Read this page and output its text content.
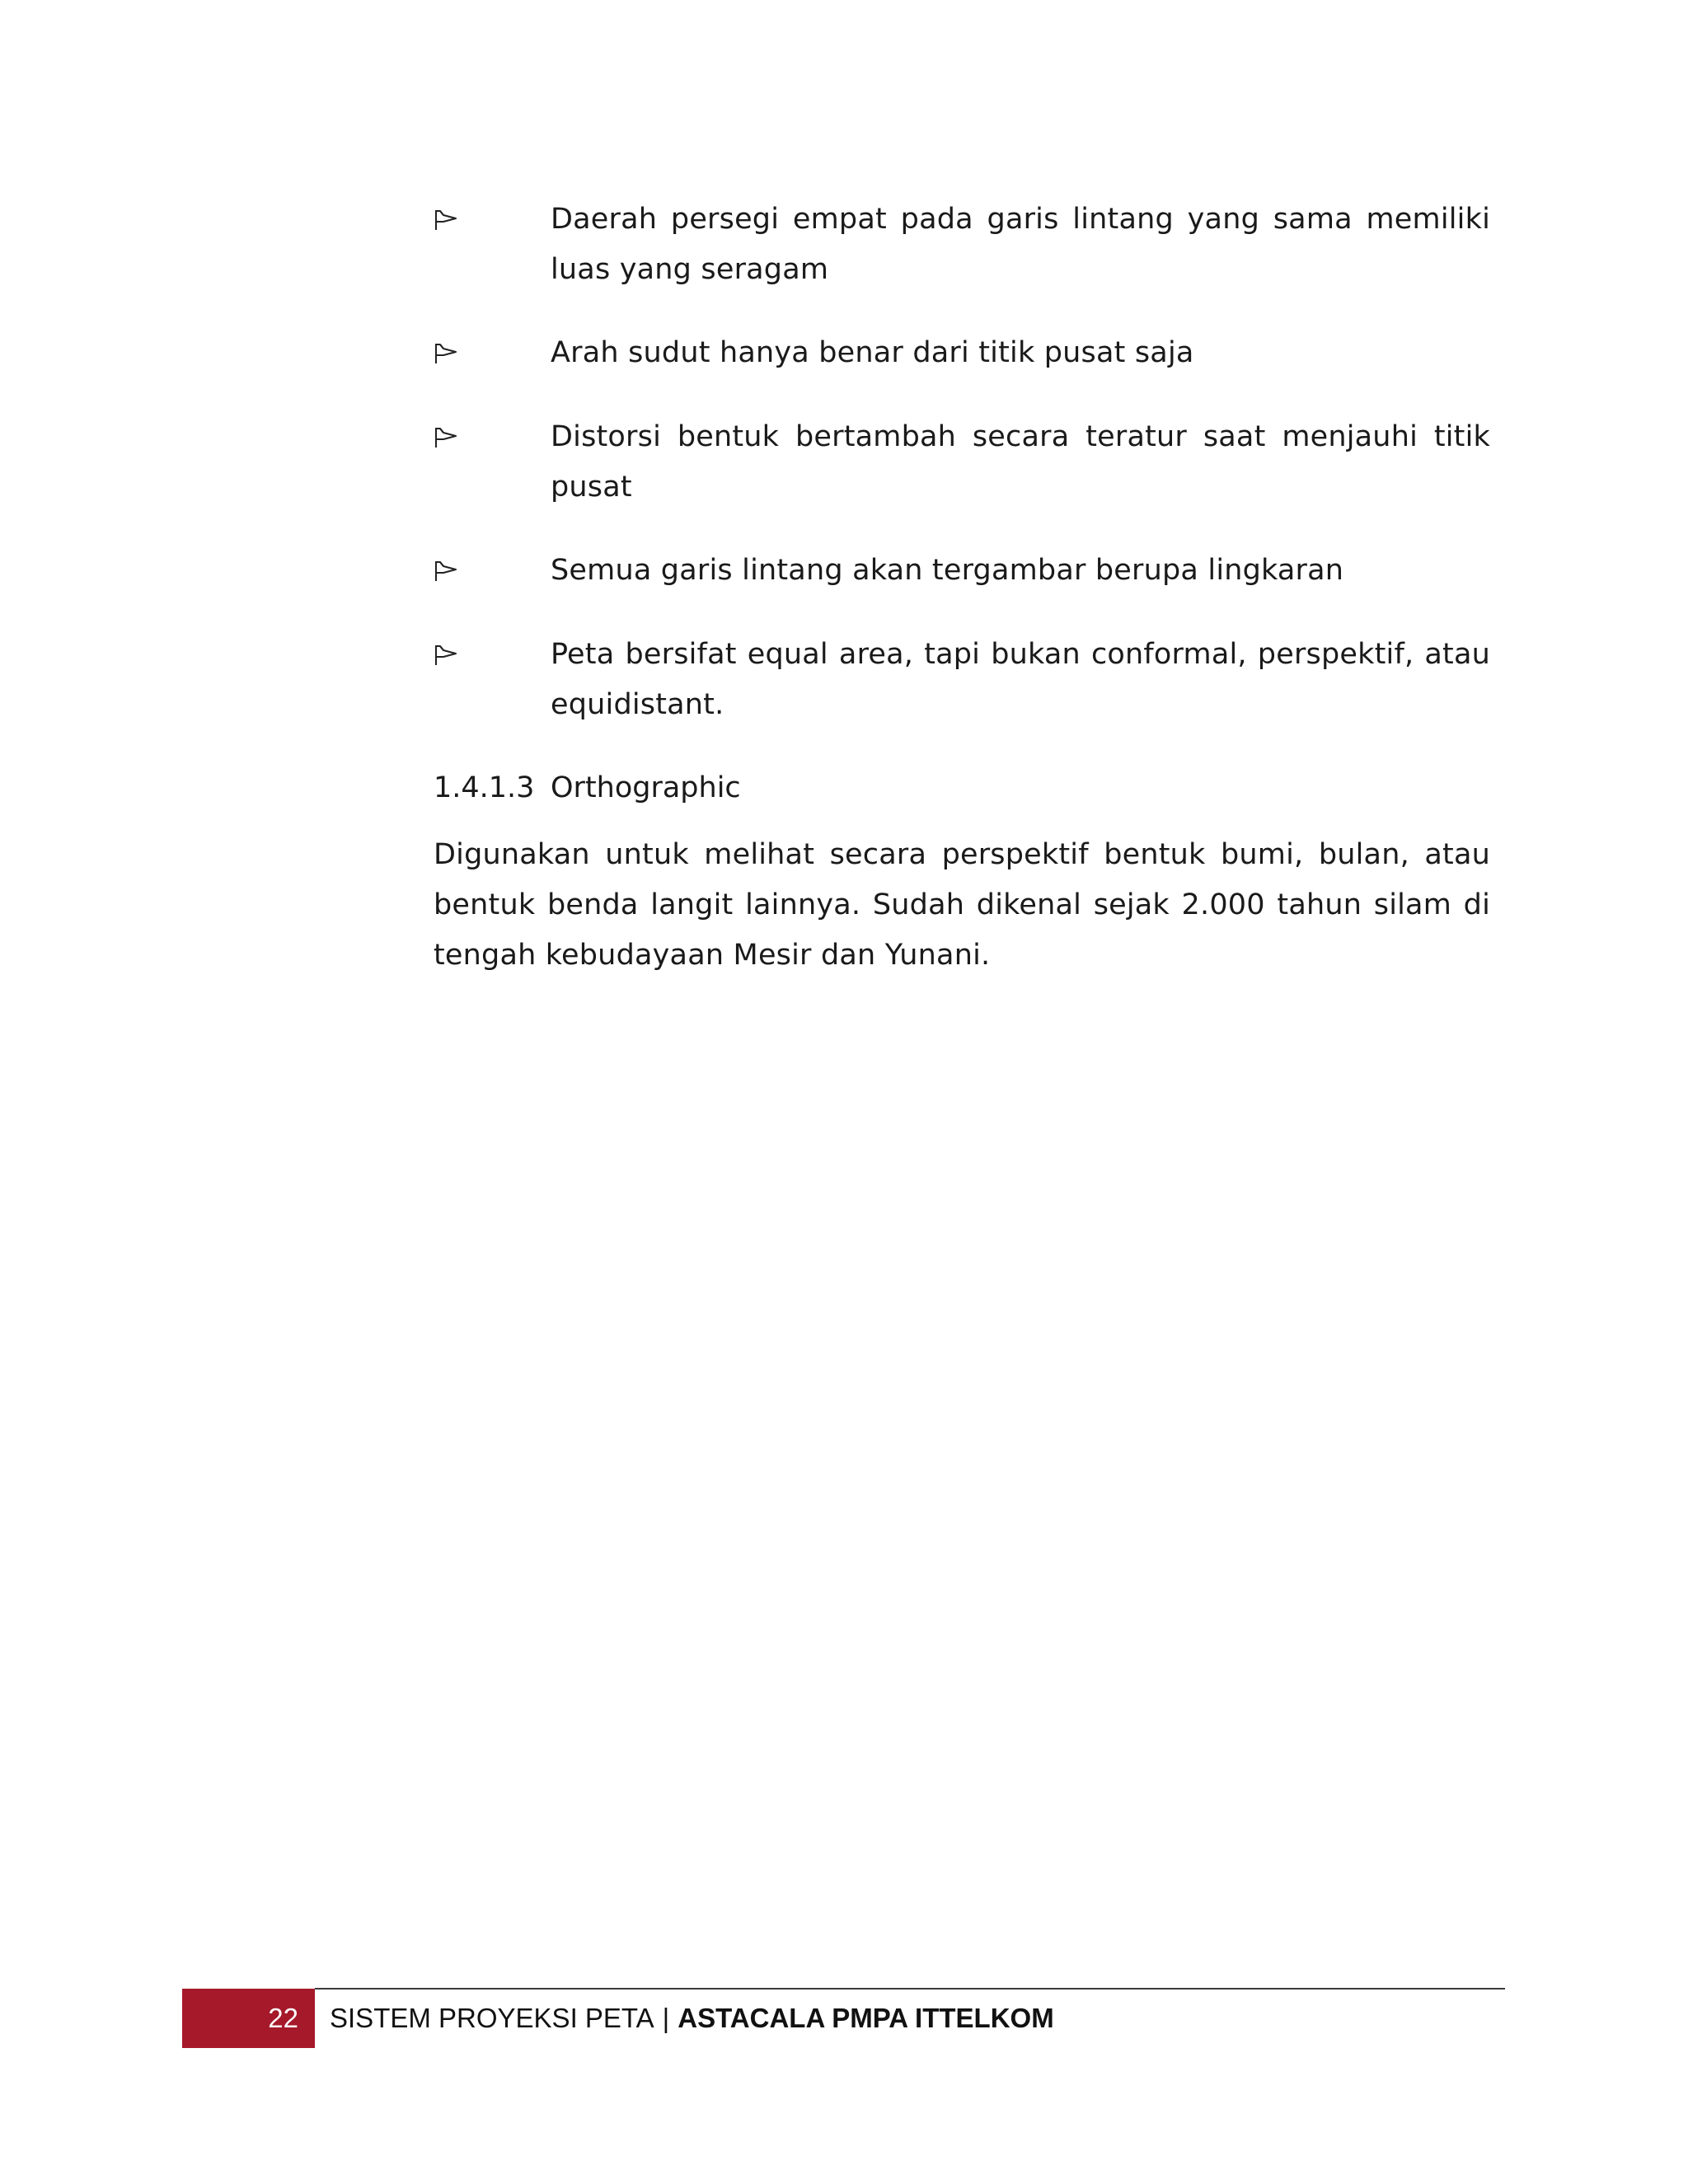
Daerah persegi empat pada garis lintang yang sama memiliki luas yang seragam
Arah sudut hanya benar dari titik pusat saja
Distorsi bentuk bertambah secara teratur saat menjauhi titik pusat
Semua garis lintang akan tergambar berupa lingkaran
Peta bersifat equal area, tapi bukan conformal, perspektif, atau equidistant.
1.4.1.3 Orthographic

Digunakan untuk melihat secara perspektif bentuk bumi, bulan, atau bentuk benda langit lainnya. Sudah dikenal sejak 2.000 tahun silam di tengah kebudayaan Mesir dan Yunani.

22	SISTEM PROYEKSI PETA | ASTACALA PMPA ITTELKOM
